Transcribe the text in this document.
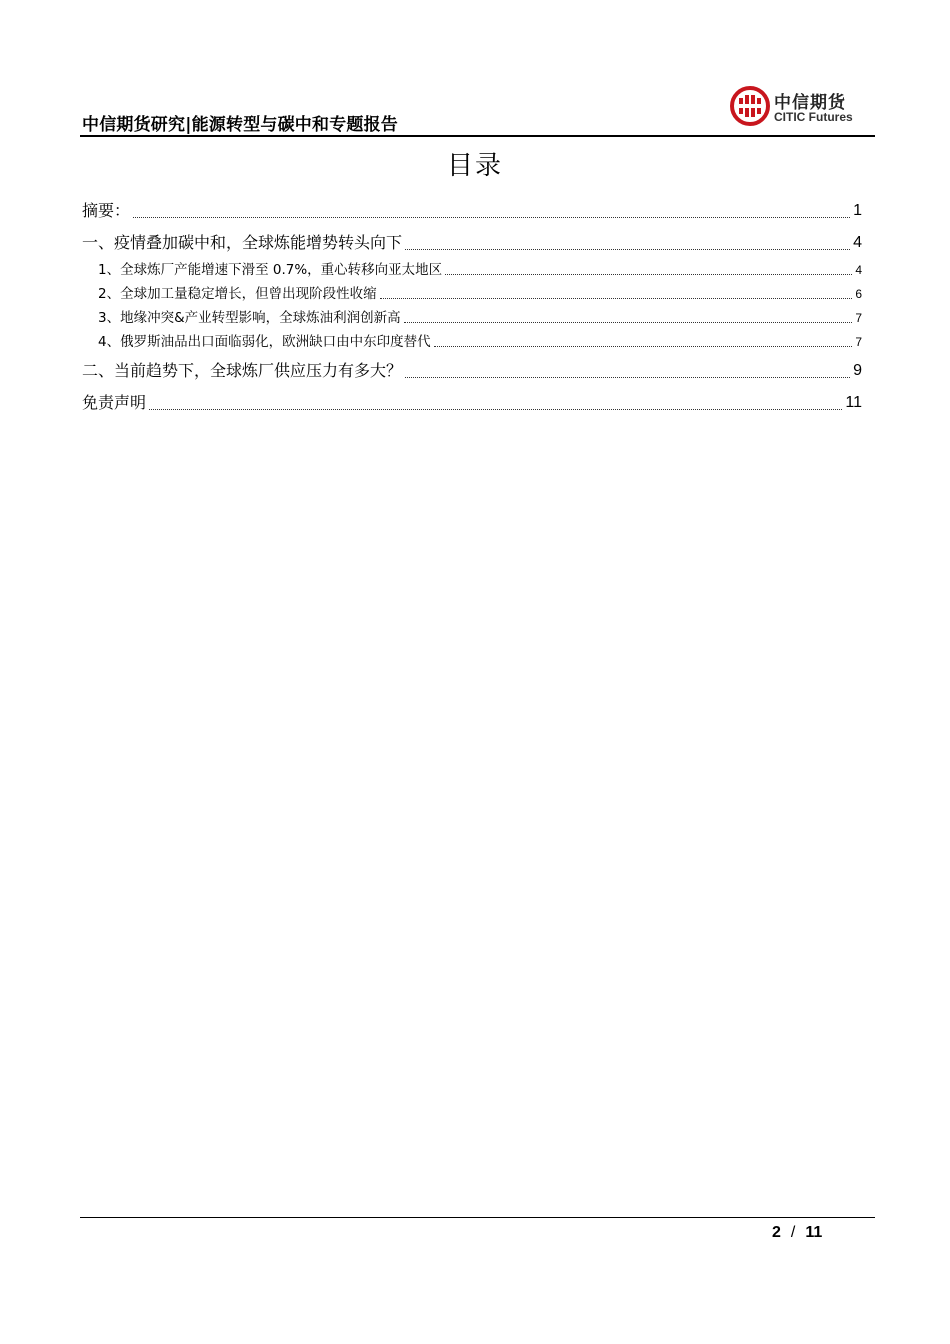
中信期货研究|能源转型与碳中和专题报告
中信期货
CITIC Futures
目录
摘要：	1
一、疫情叠加碳中和，全球炼能增势转头向下	4
1、全球炼厂产能增速下滑至 0.7%，重心转移向亚太地区	4
2、全球加工量稳定增长，但曾出现阶段性收缩	6
3、地缘冲突&产业转型影响，全球炼油利润创新高	7
4、俄罗斯油品出口面临弱化，欧洲缺口由中东印度替代	7
二、当前趋势下，全球炼厂供应压力有多大？	9
免责声明	11
2 / 11
